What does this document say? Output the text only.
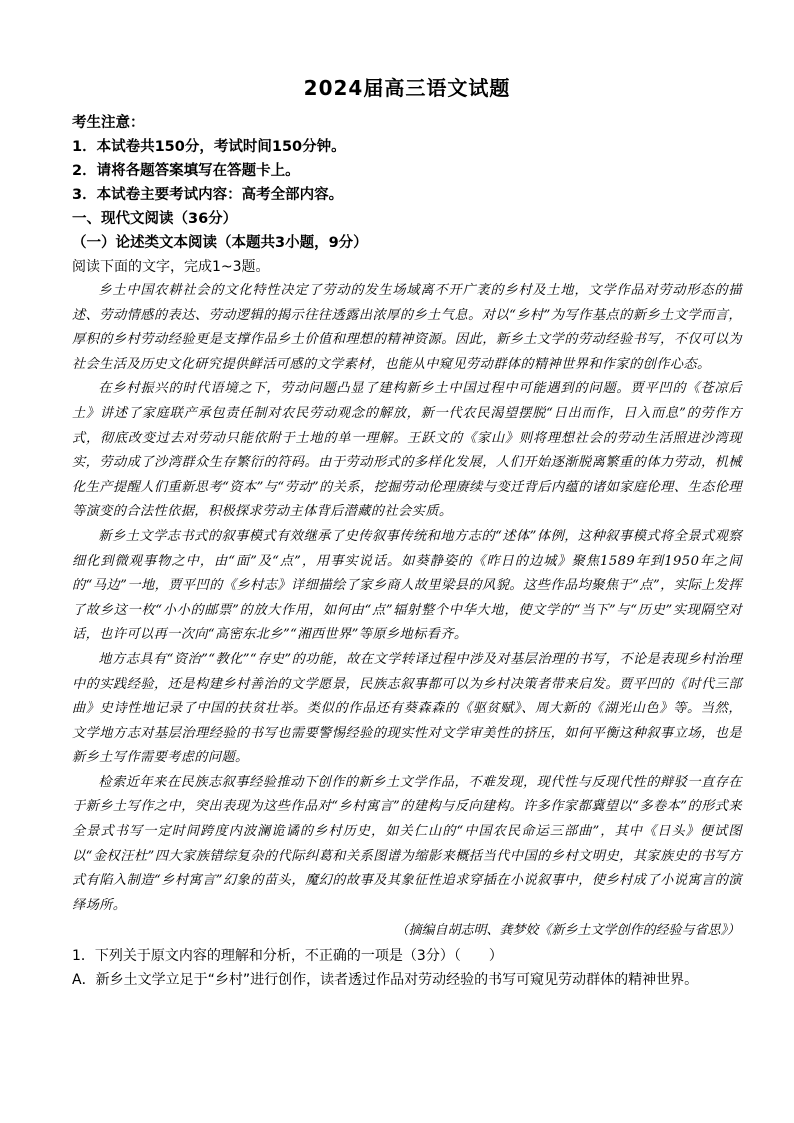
2024届高三语文试题
考生注意：
1．本试卷共150分，考试时间150分钟。
2．请将各题答案填写在答题卡上。
3．本试卷主要考试内容：高考全部内容。
一、现代文阅读（36分）
（一）论述类文本阅读（本题共3小题，9分）
阅读下面的文字，完成1~3题。

乡土中国农耕社会的文化特性决定了劳动的发生场域离不开广袤的乡村及土地，文学作品对劳动形态的描述、劳动情感的表达、劳动逻辑的揭示往往透露出浓厚的乡土气息。对以“乡村”为写作基点的新乡土文学而言，厚积的乡村劳动经验更是支撑作品乡土价值和理想的精神资源。因此，新乡土文学的劳动经验书写，不仅可以为社会生活及历史文化研究提供鲜活可感的文学素材，也能从中窥见劳动群体的精神世界和作家的创作心态。

在乡村振兴的时代语境之下，劳动问题凸显了建构新乡土中国过程中可能遇到的问题。贾平凹的《苍凉后土》讲述了家庭联产承包责任制对农民劳动观念的解放，新一代农民渴望摆脱“日出而作，日入而息”的劳作方式，彻底改变过去对劳动只能依附于土地的单一理解。王跃文的《家山》则将理想社会的劳动生活照进沙湾现实，劳动成了沙湾群众生存繁衍的符码。由于劳动形式的多样化发展，人们开始逐渐脱离繁重的体力劳动，机械化生产提醒人们重新思考“资本”与“劳动”的关系，挖掘劳动伦理赓续与变迁背后内蕴的诸如家庭伦理、生态伦理等演变的合法性依据，积极探求劳动主体背后潜藏的社会实质。

新乡土文学志书式的叙事模式有效继承了史传叙事传统和地方志的“述体”体例，这种叙事模式将全景式观察细化到微观事物之中，由“面”及“点”，用事实说话。如葵静姿的《昨日的边城》聚焦1589年到1950年之间的“马边”一地，贾平凹的《乡村志》详细描绘了家乡商人故里梁县的风貌。这些作品均聚焦于“点”，实际上发挥了故乡这一枚“小小的邮票”的放大作用，如何由“点”辐射整个中华大地，使文学的“当下”与“历史”实现隔空对话，也许可以再一次向“高密东北乡”“湘西世界”等原乡地标看齐。

地方志具有“资治”“教化”“存史”的功能，故在文学转译过程中涉及对基层治理的书写，不论是表现乡村治理中的实践经验，还是构建乡村善治的文学愿景，民族志叙事都可以为乡村决策者带来启发。贾平凹的《时代三部曲》史诗性地记录了中国的扶贫壮举。类似的作品还有葵森森的《驱贫赋》、周大新的《湖光山色》等。当然，文学地方志对基层治理经验的书写也需要警惕经验的现实性对文学审美性的挤压，如何平衡这种叙事立场，也是新乡土写作需要考虑的问题。

检索近年来在民族志叙事经验推动下创作的新乡土文学作品，不难发现，现代性与反现代性的辩驳一直存在于新乡土写作之中，突出表现为这些作品对“乡村寓言”的建构与反向建构。许多作家都冀望以“多卷本”的形式来全景式书写一定时间跨度内波澜诡谲的乡村历史，如关仁山的“中国农民命运三部曲”，其中《日头》便试图以“金权汪杜”四大家族错综复杂的代际纠葛和关系图谱为缩影来概括当代中国的乡村文明史，其家族史的书写方式有陷入制造“乡村寓言”幻象的苗头，魔幻的故事及其象征性追求穿插在小说叙事中，使乡村成了小说寓言的演绎场所。

（摘编自胡志明、龚梦姣《新乡土文学创作的经验与省思》）
1．下列关于原文内容的理解和分析，不正确的一项是（3分）（　　）
A．新乡土文学立足于“乡村”进行创作，读者透过作品对劳动经验的书写可窥见劳动群体的精神世界。
